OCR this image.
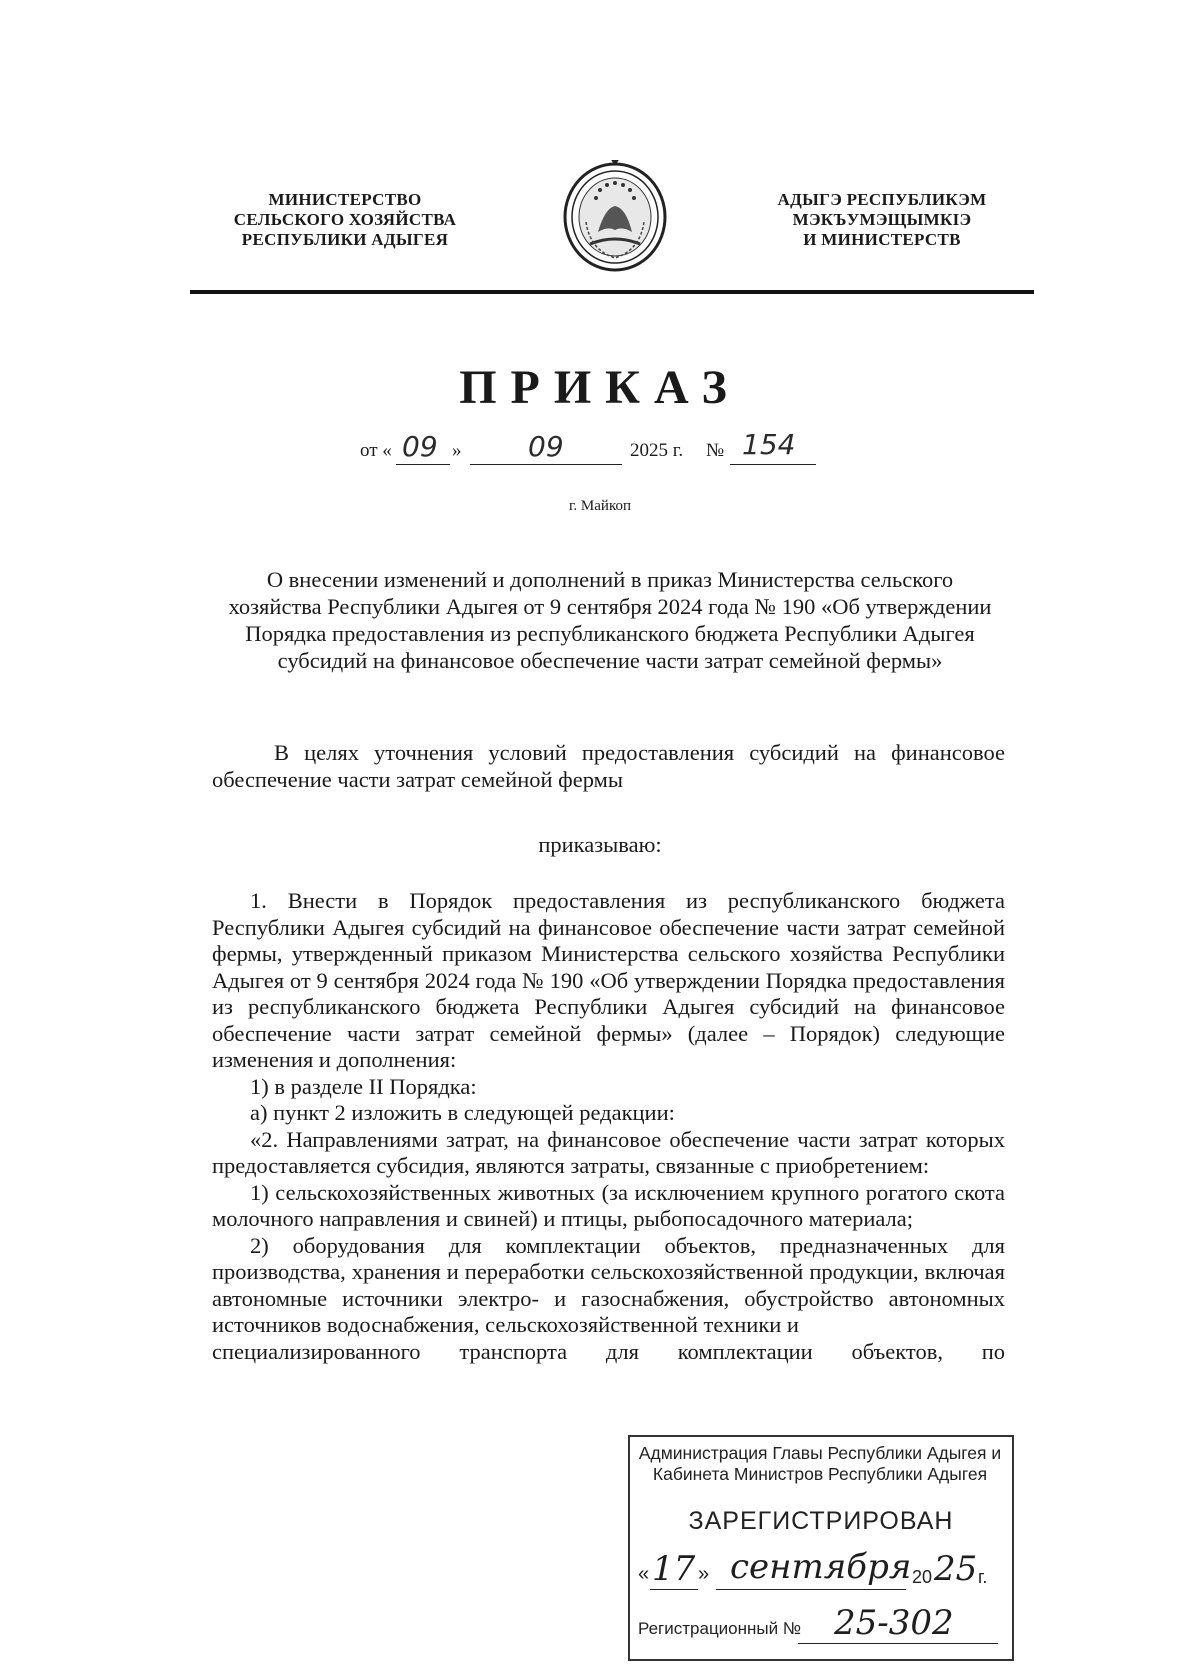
МИНИСТЕРСТВО
СЕЛЬСКОГО ХОЗЯЙСТВА
РЕСПУБЛИКИ АДЫГЕЯ
АДЫГЭ РЕСПУБЛИКЭМ
МЭКЪУМЭЩЫМКIЭ
И МИНИСТЕРСТВ
ПРИКАЗ
от « 09 » 09	2025 г. № 154
г. Майкоп
О внесении изменений и дополнений в приказ Министерства сельского хозяйства Республики Адыгея от 9 сентября 2024 года № 190 «Об утверждении Порядка предоставления из республиканского бюджета Республики Адыгея субсидий на финансовое обеспечение части затрат семейной фермы»

В целях уточнения условий предоставления субсидий на финансовое обеспечение части затрат семейной фермы

приказываю:

1. Внести в Порядок предоставления из республиканского бюджета Республики Адыгея субсидий на финансовое обеспечение части затрат семейной фермы, утвержденный приказом Министерства сельского хозяйства Республики Адыгея от 9 сентября 2024 года № 190 «Об утверждении Порядка предоставления из республиканского бюджета Республики Адыгея субсидий на финансовое обеспечение части затрат семейной фермы» (далее – Порядок) следующие изменения и дополнения:

1) в разделе II Порядка:

а) пункт 2 изложить в следующей редакции:

«2. Направлениями затрат, на финансовое обеспечение части затрат которых предоставляется субсидия, являются затраты, связанные с приобретением:

1) сельскохозяйственных животных (за исключением крупного рогатого скота молочного направления и свиней) и птицы, рыбопосадочного материала;

2) оборудования для комплектации объектов, предназначенных для производства, хранения и переработки сельскохозяйственной продукции, включая автономные источники электро- и газоснабжения, обустройство автономных источников водоснабжения, сельскохозяйственной техники и

специализированного транспорта для комплектации объектов, по

Администрация Главы Республики Адыгея и Кабинета Министров Республики Адыгея
ЗАРЕГИСТРИРОВАН
« 17 » сентября 20 25 г.
Регистрационный № 25-302
